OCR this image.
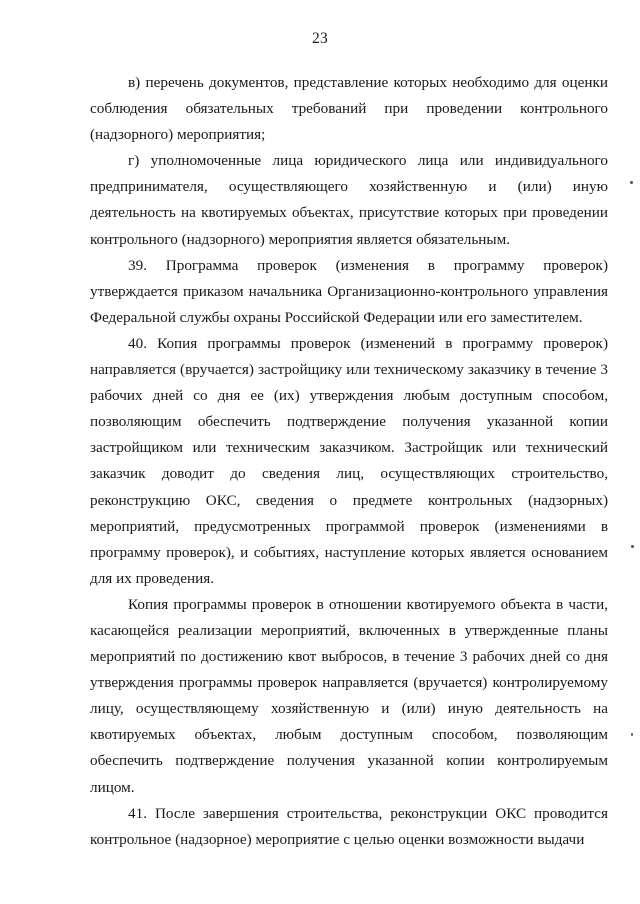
23

в) перечень документов, представление которых необходимо для оценки соблюдения обязательных требований при проведении контрольного (надзорного) мероприятия;

г) уполномоченные лица юридического лица или индивидуального предпринимателя, осуществляющего хозяйственную и (или) иную деятельность на квотируемых объектах, присутствие которых при проведении контрольного (надзорного) мероприятия является обязательным.

39. Программа проверок (изменения в программу проверок) утверждается приказом начальника Организационно-контрольного управления Федеральной службы охраны Российской Федерации или его заместителем.

40. Копия программы проверок (изменений в программу проверок) направляется (вручается) застройщику или техническому заказчику в течение 3 рабочих дней со дня ее (их) утверждения любым доступным способом, позволяющим обеспечить подтверждение получения указанной копии застройщиком или техническим заказчиком. Застройщик или технический заказчик доводит до сведения лиц, осуществляющих строительство, реконструкцию ОКС, сведения о предмете контрольных (надзорных) мероприятий, предусмотренных программой проверок (изменениями в программу проверок), и событиях, наступление которых является основанием для их проведения.

Копия программы проверок в отношении квотируемого объекта в части, касающейся реализации мероприятий, включенных в утвержденные планы мероприятий по достижению квот выбросов, в течение 3 рабочих дней со дня утверждения программы проверок направляется (вручается) контролируемому лицу, осуществляющему хозяйственную и (или) иную деятельность на квотируемых объектах, любым доступным способом, позволяющим обеспечить подтверждение получения указанной копии контролируемым лицом.

41. После завершения строительства, реконструкции ОКС проводится контрольное (надзорное) мероприятие с целью оценки возможности выдачи
